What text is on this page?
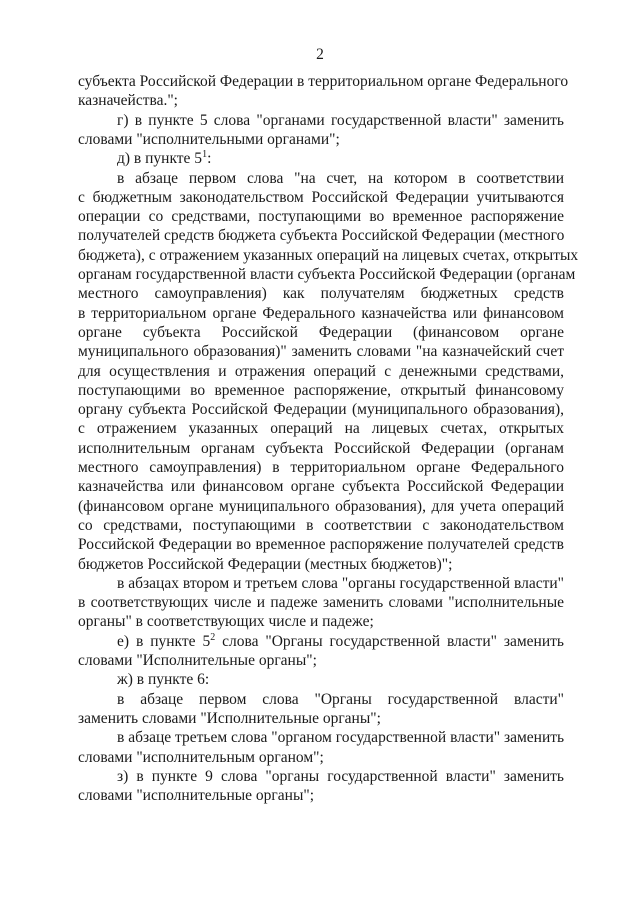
2
субъекта Российской Федерации в территориальном органе Федерального
казначейства.";
г) в пункте 5 слова "органами государственной власти" заменить
словами "исполнительными органами";
д) в пункте $5^1$:
в абзаце первом слова "на счет, на котором в соответствии
с бюджетным законодательством Российской Федерации учитываются
операции со средствами, поступающими во временное распоряжение
получателей средств бюджета субъекта Российской Федерации (местного
бюджета), с отражением указанных операций на лицевых счетах, открытых
органам государственной власти субъекта Российской Федерации (органам
местного самоуправления) как получателям бюджетных средств
в территориальном органе Федерального казначейства или финансовом
органе субъекта Российской Федерации (финансовом органе
муниципального образования)" заменить словами "на казначейский счет
для осуществления и отражения операций с денежными средствами,
поступающими во временное распоряжение, открытый финансовому
органу субъекта Российской Федерации (муниципального образования),
с отражением указанных операций на лицевых счетах, открытых
исполнительным органам субъекта Российской Федерации (органам
местного самоуправления) в территориальном органе Федерального
казначейства или финансовом органе субъекта Российской Федерации
(финансовом органе муниципального образования), для учета операций
со средствами, поступающими в соответствии с законодательством
Российской Федерации во временное распоряжение получателей средств
бюджетов Российской Федерации (местных бюджетов)";
в абзацах втором и третьем слова "органы государственной власти"
в соответствующих числе и падеже заменить словами "исполнительные
органы" в соответствующих числе и падеже;
е) в пункте $5^2$ слова "Органы государственной власти" заменить
словами "Исполнительные органы";
ж) в пункте 6:
в абзаце первом слова "Органы государственной власти"
заменить словами "Исполнительные органы";
в абзаце третьем слова "органом государственной власти" заменить
словами "исполнительным органом";
з) в пункте 9 слова "органы государственной власти" заменить
словами "исполнительные органы";
